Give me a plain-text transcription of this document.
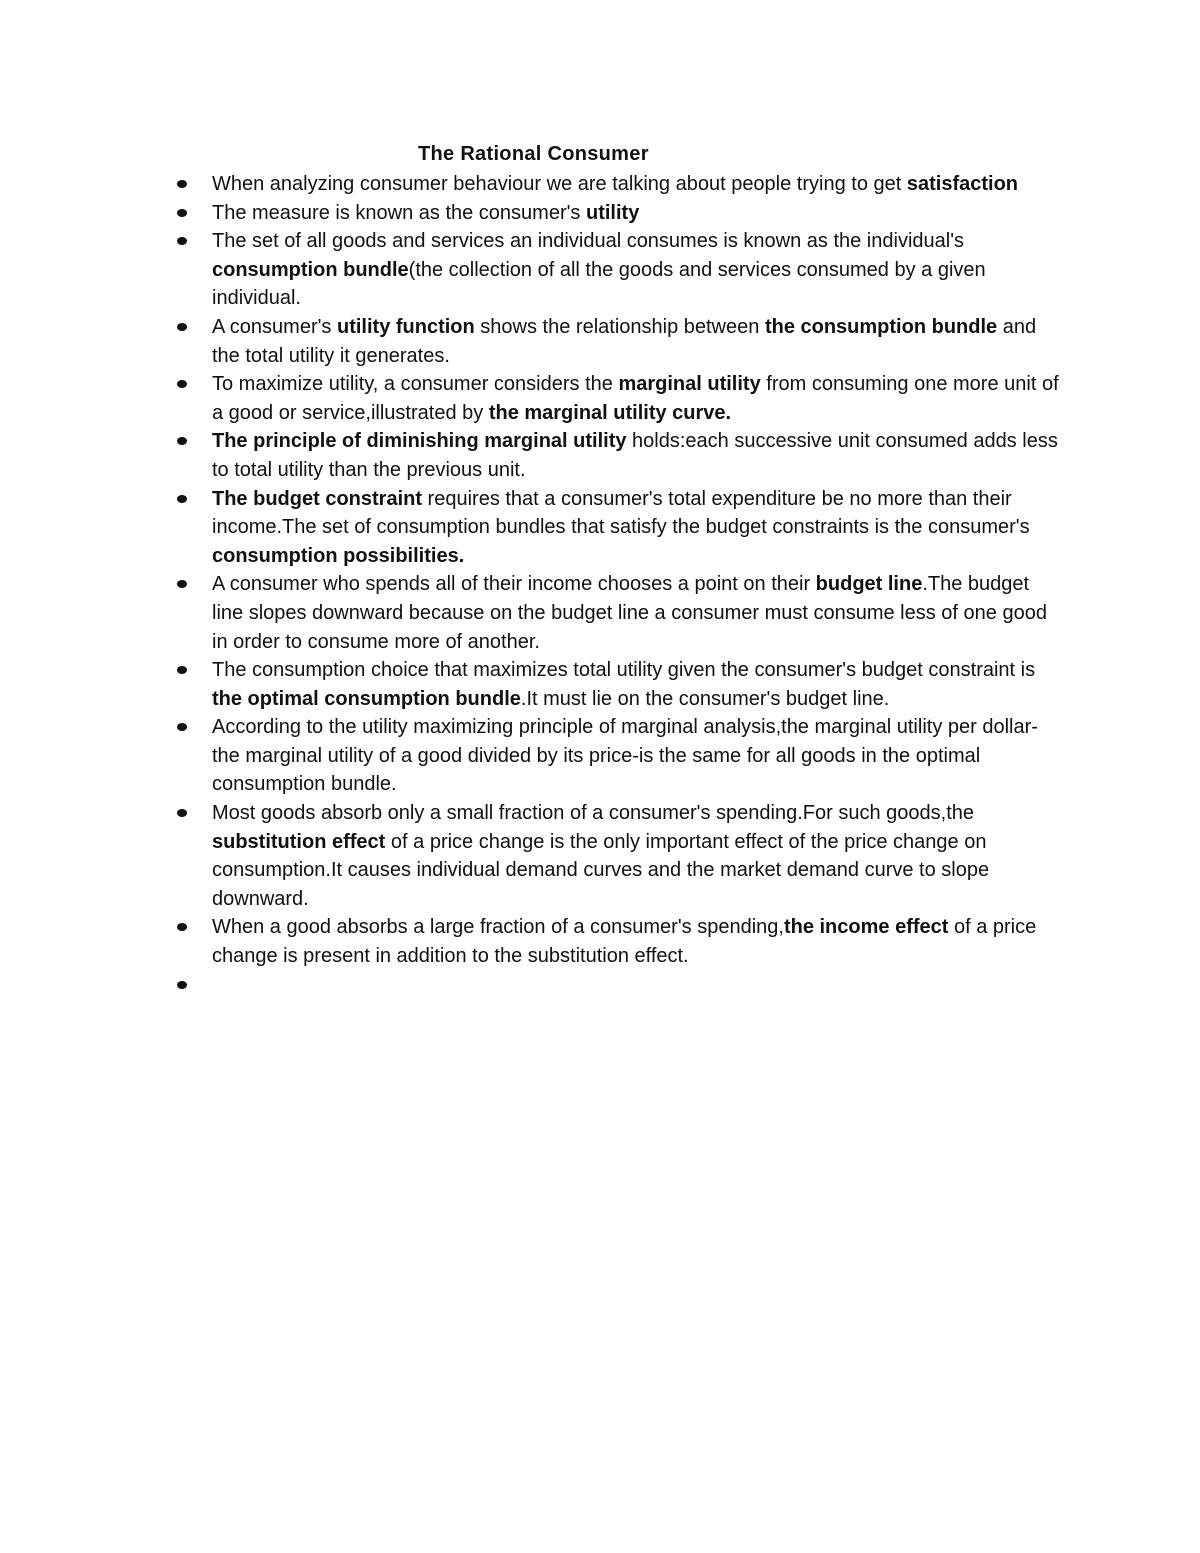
The Rational Consumer
When analyzing consumer behaviour we are talking about people trying to get satisfaction
The measure is known as the consumer's utility
The set of all goods and services an individual consumes is known as the individual's consumption bundle(the collection of all the goods and services consumed by a given individual.
A consumer's utility function shows the relationship between the consumption bundle and the total utility it generates.
To maximize utility, a consumer considers the marginal utility from consuming one more unit of a good or service,illustrated by the marginal utility curve.
The principle of diminishing marginal utility holds:each successive unit consumed adds less to total utility than the previous unit.
The budget constraint requires that a consumer's total expenditure be no more than their income.The set of consumption bundles that satisfy the budget constraints is the consumer's consumption possibilities.
A consumer who spends all of their income chooses a point on their budget line.The budget line slopes downward because on the budget line a consumer must consume less of one good in order to consume more of another.
The consumption choice that maximizes total utility given the consumer's budget constraint is the optimal consumption bundle.It must lie on the consumer's budget line.
According to the utility maximizing principle of marginal analysis,the marginal utility per dollar-the marginal utility of a good divided by its price-is the same for all goods in the optimal consumption bundle.
Most goods absorb only a small fraction of a consumer's spending.For such goods,the substitution effect of a price change is the only important effect of the price change on consumption.It causes individual demand curves and the market demand curve to slope downward.
When a good absorbs a large fraction of a consumer's spending,the income effect of a price change is present in addition to the substitution effect.
